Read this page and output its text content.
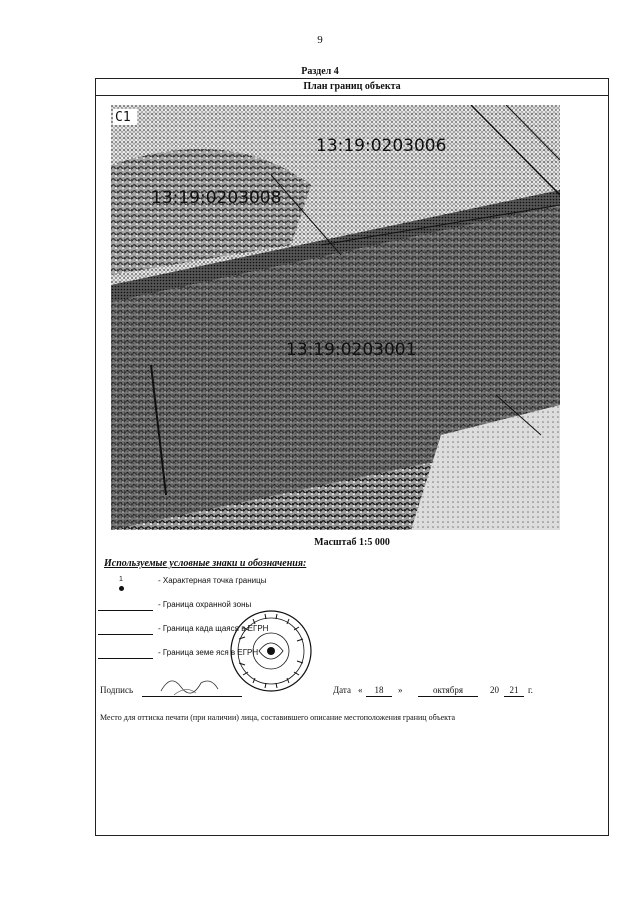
9
Раздел 4
План границ объекта
C1
13:19:0203006
13:19:0203008
13:19:0203001
Масштаб 1:5 000
Используемые условные знаки и обозначения:
1	- Характерная точка границы
- Граница охранной зоны
- Граница када щаяся в ЕГРН
- Граница земе яся в ЕГРН
Подпись	Дата «	18	»	октября	20	21	г.
Место для оттиска печати (при наличии) лица, составившего описание местоположения границ объекта
